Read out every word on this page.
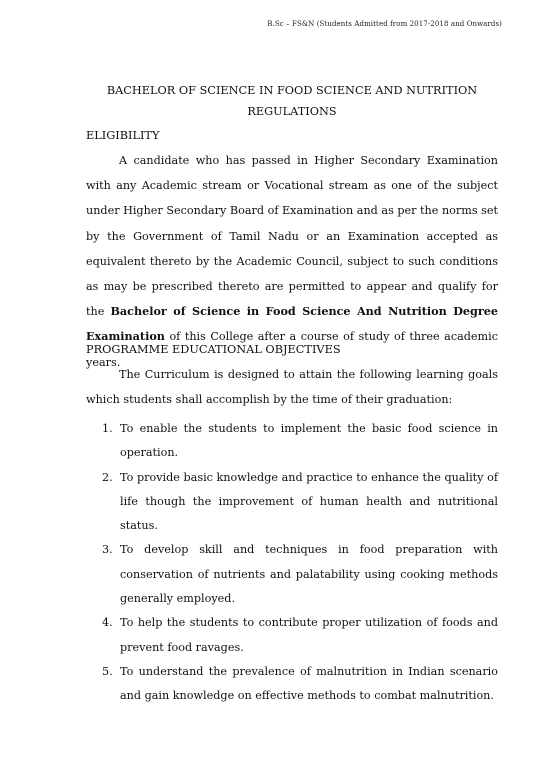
B.Sc – FS&N (Students Admitted from 2017-2018 and Onwards)
BACHELOR OF SCIENCE IN FOOD SCIENCE AND NUTRITION
REGULATIONS
ELIGIBILITY

A candidate who has passed in Higher Secondary Examination with any Academic stream or Vocational stream as one of the subject under Higher Secondary Board of Examination and as per the norms set by the Government of Tamil Nadu or an Examination accepted as equivalent thereto by the Academic Council, subject to such conditions as may be prescribed thereto are permitted to appear and qualify for the Bachelor of Science in Food Science And Nutrition Degree Examination of this College after a course of study of three academic years.

PROGRAMME EDUCATIONAL OBJECTIVES

The Curriculum is designed to attain the following learning goals which students shall accomplish by the time of their graduation:

1. To enable the students to implement the basic food science in operation.
2. To provide basic knowledge and practice to enhance the quality of life though the improvement of human health and nutritional status.
3. To develop skill and techniques in food preparation with conservation of nutrients and palatability using cooking methods generally employed.
4. To help the students to contribute proper utilization of foods and prevent food ravages.
5. To understand the prevalence of malnutrition in Indian scenario and gain knowledge on effective methods to combat malnutrition.
